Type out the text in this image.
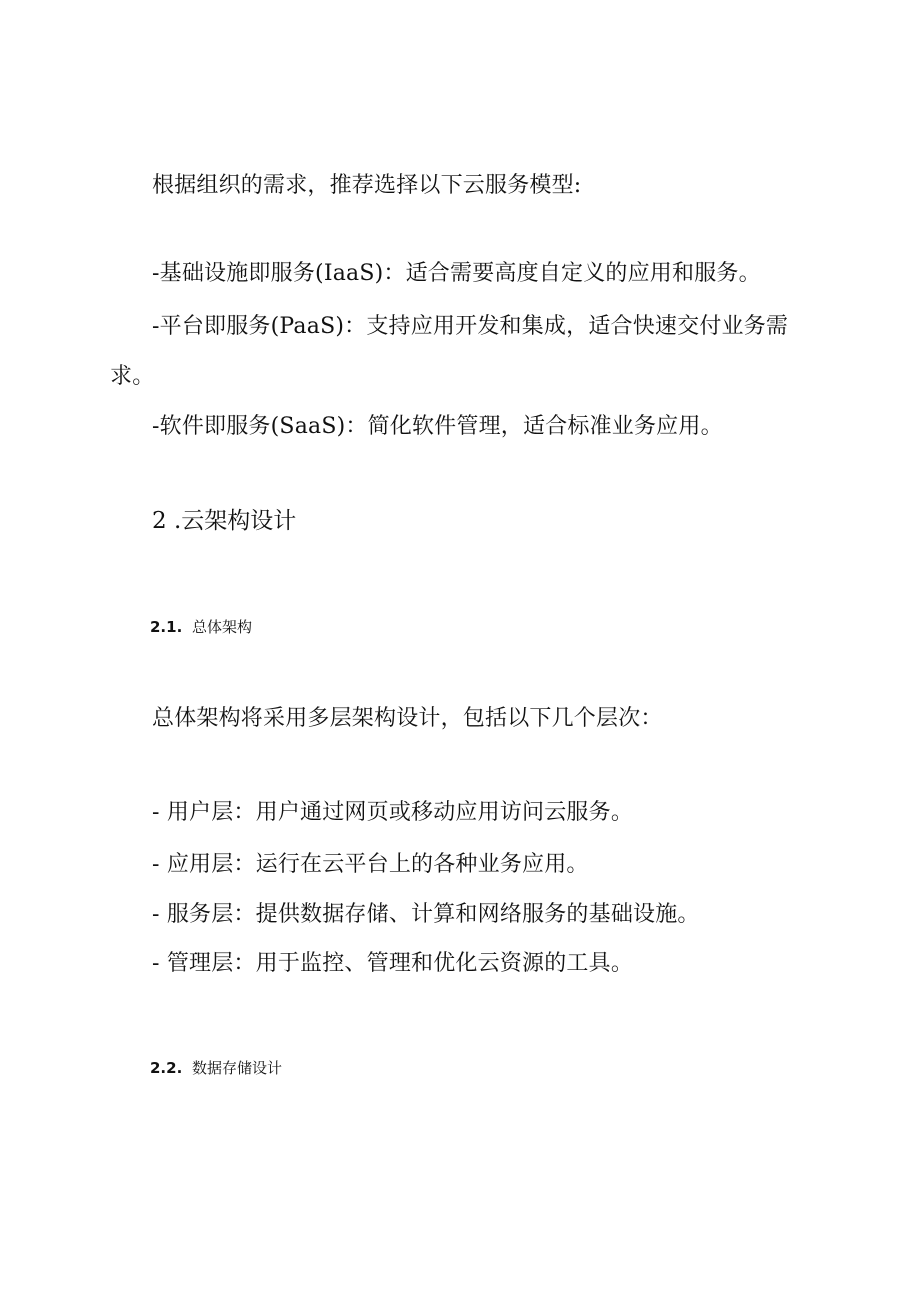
根据组织的需求，推荐选择以下云服务模型:

-基础设施即服务(IaaS)：适合需要高度自定义的应用和服务。

-平台即服务(PaaS)：支持应用开发和集成，适合快速交付业务需

求。

-软件即服务(SaaS)：简化软件管理，适合标准业务应用。

2 .云架构设计

2.1. 总体架构

总体架构将采用多层架构设计，包括以下几个层次：

- 用户层：用户通过网页或移动应用访问云服务。

- 应用层：运行在云平台上的各种业务应用。

- 服务层：提供数据存储、计算和网络服务的基础设施。

- 管理层：用于监控、管理和优化云资源的工具。

2.2. 数据存储设计
